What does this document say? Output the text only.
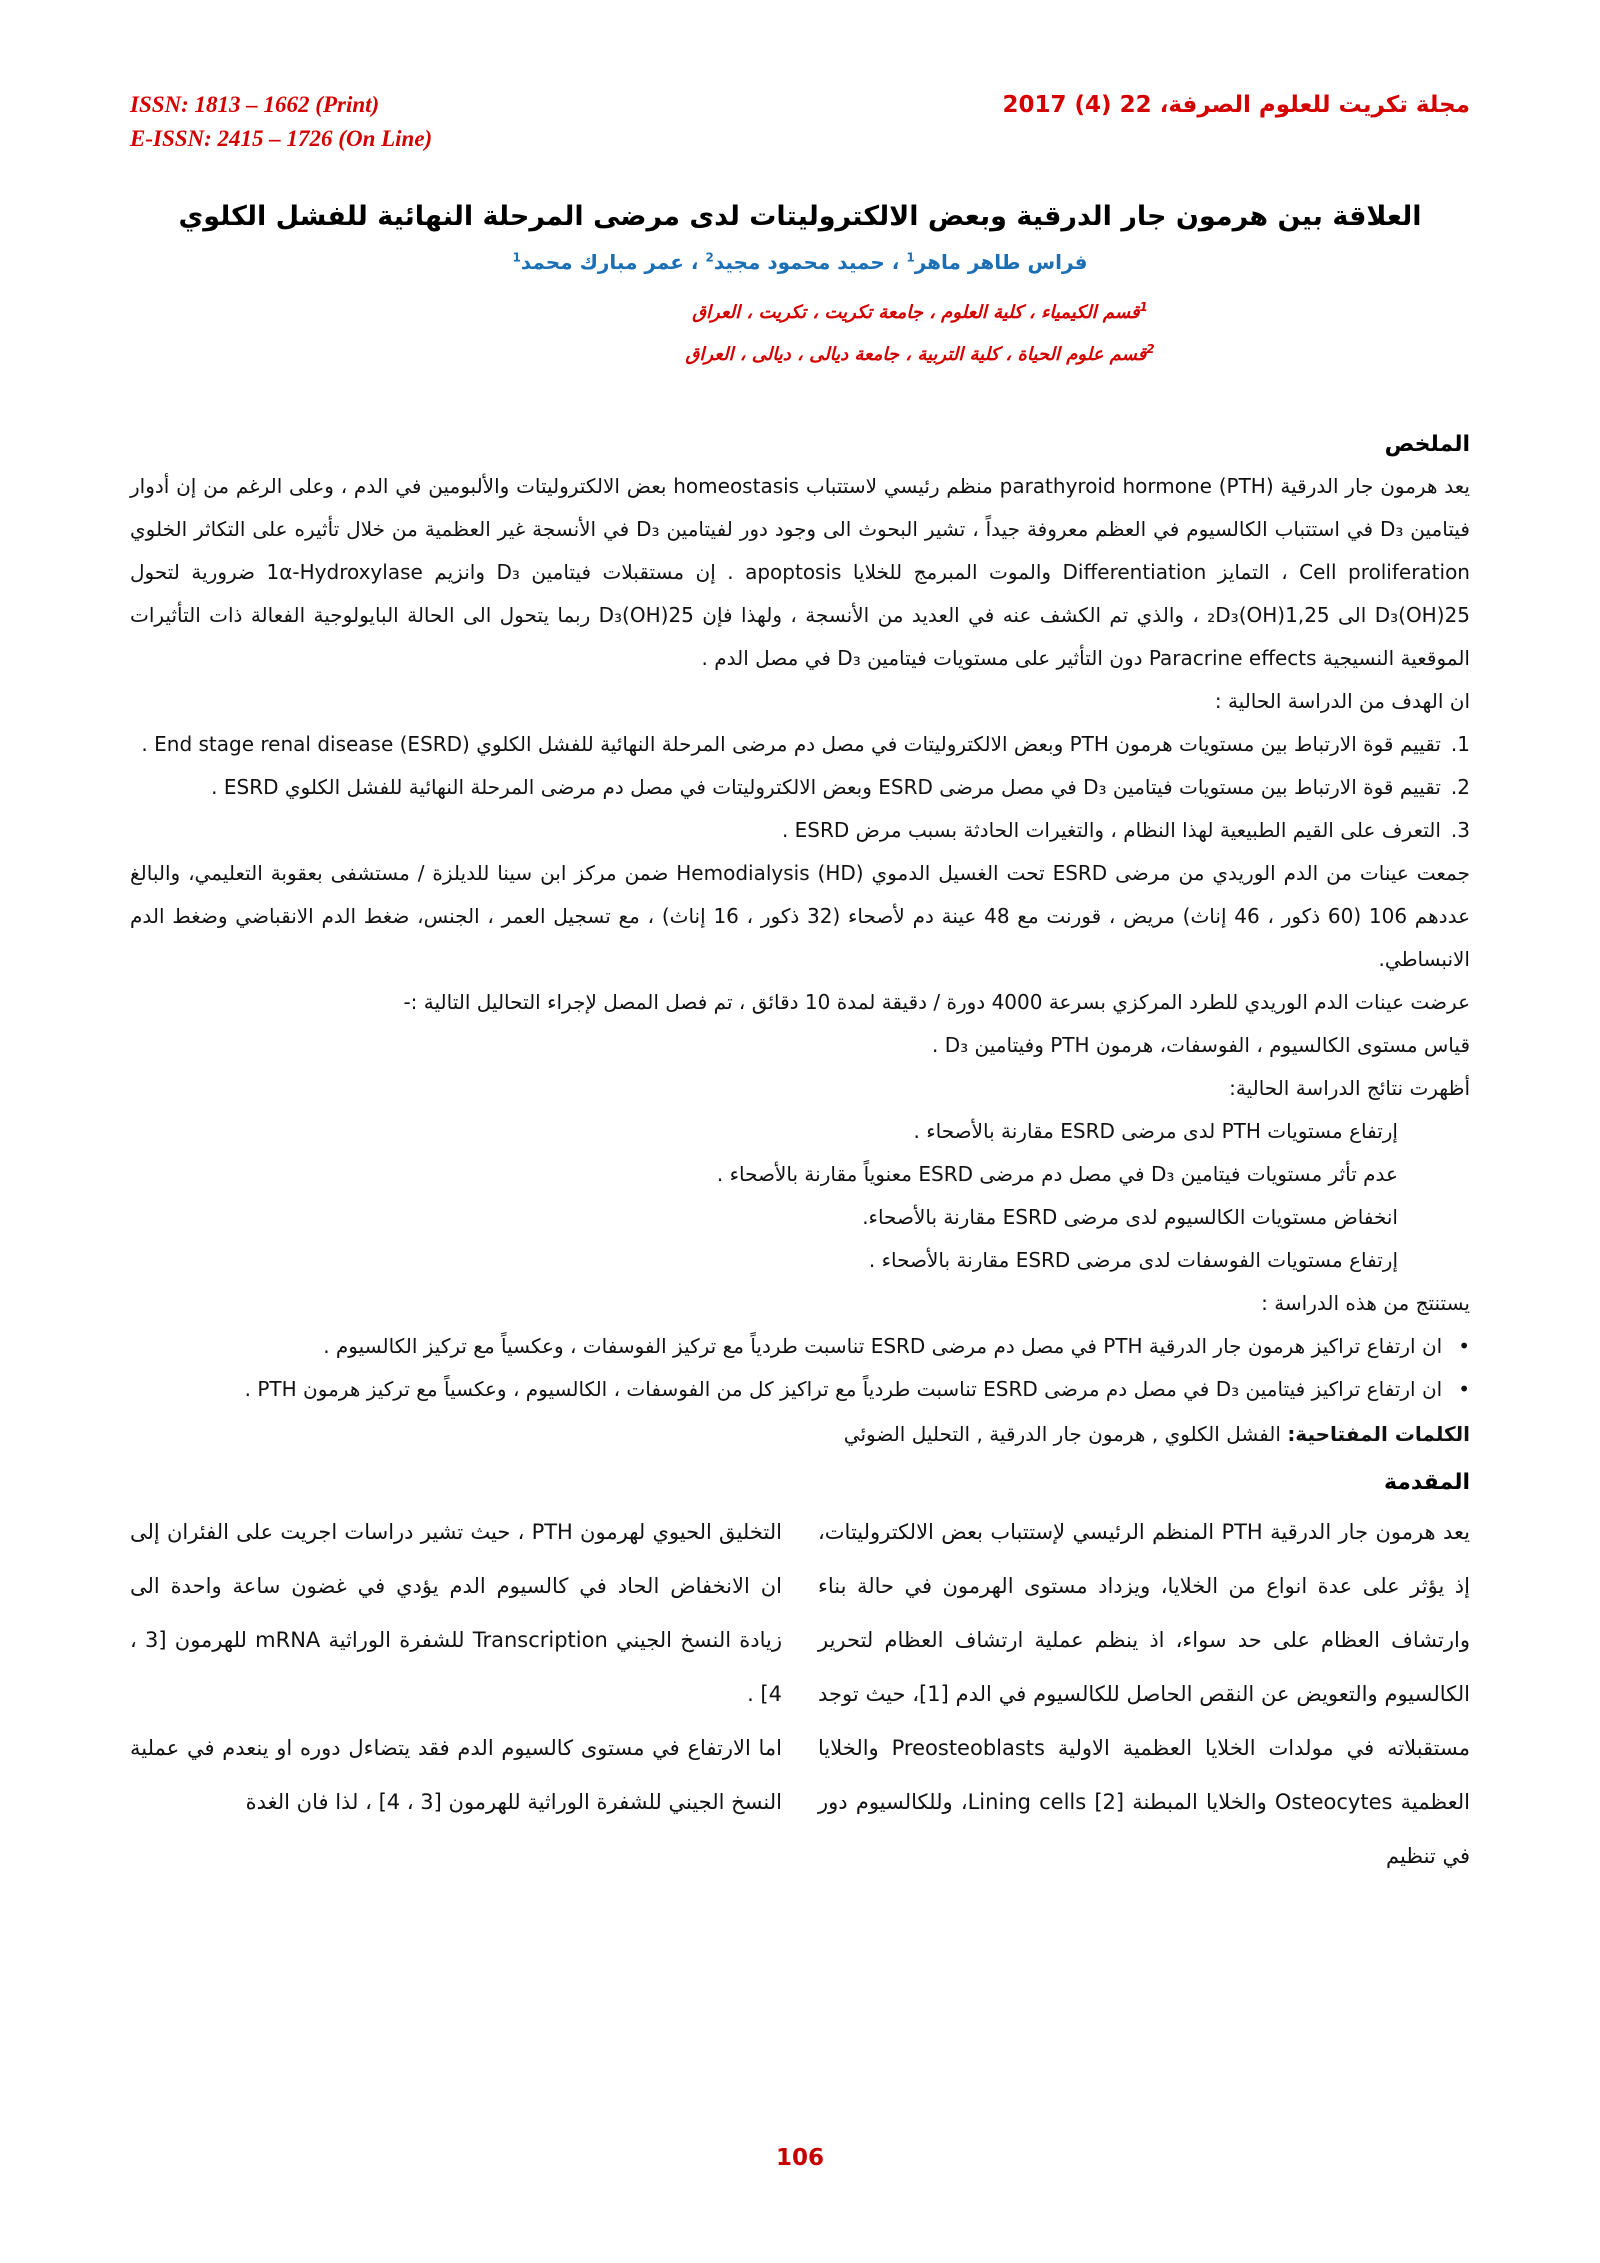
ISSN: 1813 – 1662 (Print)
E-ISSN: 2415 – 1726 (On Line)
مجلة تكريت للعلوم الصرفة، 22 (4) 2017
العلاقة بين هرمون جار الدرقية وبعض الالكتروليتات لدى مرضى المرحلة النهائية للفشل الكلوي
فراس طاهر ماهر$^1$ ، حميد محمود مجيد$^2$ ، عمر مبارك محمد$^1$
$^1$قسم الكيمياء ، كلية العلوم ، جامعة تكريت ، تكريت ، العراق
$^2$قسم علوم الحياة ، كلية التربية ، جامعة ديالى ، ديالى ، العراق
الملخص

يعد هرمون جار الدرقية parathyroid hormone (PTH) منظم رئيسي لاستتباب homeostasis بعض الالكتروليتات والألبومين في الدم ، وعلى الرغم من إن أدوار فيتامين D₃ في استتباب الكالسيوم في العظم معروفة جيداً ، تشير البحوث الى وجود دور لفيتامين D₃ في الأنسجة غير العظمية من خلال تأثيره على التكاثر الخلوي Cell proliferation ، التمايز Differentiation والموت المبرمج للخلايا apoptosis . إن مستقبلات فيتامين D₃ وانزيم 1α-Hydroxylase ضرورية لتحول 25(OH)D₃ الى 1,25(OH)₂D₃ ، والذي تم الكشف عنه في العديد من الأنسجة ، ولهذا فإن 25(OH)D₃ ربما يتحول الى الحالة البايولوجية الفعالة ذات التأثيرات الموقعية النسيجية Paracrine effects دون التأثير على مستويات فيتامين D₃ في مصل الدم .

ان الهدف من الدراسة الحالية :

1.تقييم قوة الارتباط بين مستويات هرمون PTH وبعض الالكتروليتات في مصل دم مرضى المرحلة النهائية للفشل الكلوي End stage renal disease (ESRD) .

2.تقييم قوة الارتباط بين مستويات فيتامين D₃ في مصل مرضى ESRD وبعض الالكتروليتات في مصل دم مرضى المرحلة النهائية للفشل الكلوي ESRD .

3.التعرف على القيم الطبيعية لهذا النظام ، والتغيرات الحادثة بسبب مرض ESRD .

جمعت عينات من الدم الوريدي من مرضى ESRD تحت الغسيل الدموي Hemodialysis (HD) ضمن مركز ابن سينا للديلزة / مستشفى بعقوبة التعليمي، والبالغ عددهم 106 (60 ذكور ، 46 إناث) مريض ، قورنت مع 48 عينة دم لأصحاء (32 ذكور ، 16 إناث) ، مع تسجيل العمر ، الجنس، ضغط الدم الانقباضي وضغط الدم الانبساطي.

عرضت عينات الدم الوريدي للطرد المركزي بسرعة 4000 دورة / دقيقة لمدة 10 دقائق ، تم فصل المصل لإجراء التحاليل التالية :-

قياس مستوى الكالسيوم ، الفوسفات، هرمون PTH وفيتامين D₃ .

أظهرت نتائج الدراسة الحالية:

إرتفاع مستويات PTH لدى مرضى ESRD مقارنة بالأصحاء .

عدم تأثر مستويات فيتامين D₃ في مصل دم مرضى ESRD معنوياً مقارنة بالأصحاء .

انخفاض مستويات الكالسيوم لدى مرضى ESRD مقارنة بالأصحاء.

إرتفاع مستويات الفوسفات لدى مرضى ESRD مقارنة بالأصحاء .

يستنتج من هذه الدراسة :

•ان ارتفاع تراكيز هرمون جار الدرقية PTH في مصل دم مرضى ESRD تناسبت طردياً مع تركيز الفوسفات ، وعكسياً مع تركيز الكالسيوم .

•ان ارتفاع تراكيز فيتامين D₃ في مصل دم مرضى ESRD تناسبت طردياً مع تراكيز كل من الفوسفات ، الكالسيوم ، وعكسياً مع تركيز هرمون PTH .

الكلمات المفتاحية: الفشل الكلوي , هرمون جار الدرقية , التحليل الضوئي
المقدمة

يعد هرمون جار الدرقية PTH المنظم الرئيسي لإستتباب بعض الالكتروليتات، إذ يؤثر على عدة انواع من الخلايا، ويزداد مستوى الهرمون في حالة بناء وارتشاف العظام على حد سواء، اذ ينظم عملية ارتشاف العظام لتحرير الكالسيوم والتعويض عن النقص الحاصل للكالسيوم في الدم [1]، حيث توجد مستقبلاته في مولدات الخلايا العظمية الاولية Preosteoblasts والخلايا العظمية Osteocytes والخلايا المبطنة Lining cells [2]، وللكالسيوم دور في تنظيم

التخليق الحيوي لهرمون PTH ، حيث تشير دراسات اجريت على الفئران إلى ان الانخفاض الحاد في كالسيوم الدم يؤدي في غضون ساعة واحدة الى زيادة النسخ الجيني Transcription للشفرة الوراثية mRNA للهرمون [3 ، 4] .

اما الارتفاع في مستوى كالسيوم الدم فقد يتضاءل دوره او ينعدم في عملية النسخ الجيني للشفرة الوراثية للهرمون [3 ، 4] ، لذا فان الغدة

106
